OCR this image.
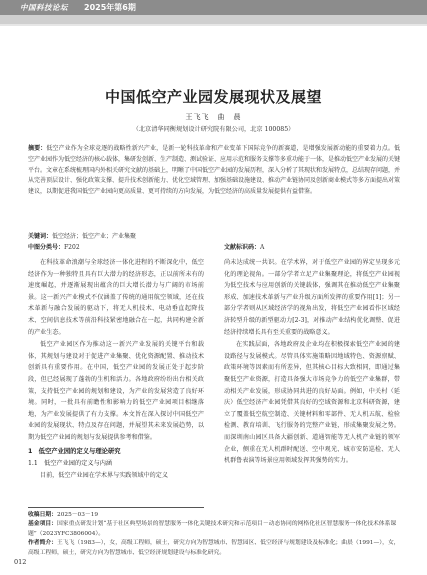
中国科技论坛 2025年第6期
中国低空产业园发展现状及展望
王飞飞　曲　晨
（北京清华同衡规划设计研究院有限公司，北京 100085）
摘要：低空产业作为全球竞逐的战略性新兴产业，是新一轮科技革命和产业变革下国际竞争的新赛道，是增强发展新动能的重要着力点。低空产业园作为低空经济的核心载体，集研发创新、生产制造、测试验证、应用示范和服务支撑等多重功能于一体，是推动低空产业发展的关键平台。文章在系统梳理国内外相关研究文献的基础上，明晰了中国低空产业园的发展历程，深入分析了其现状和发展特点，总结现存问题，并从完善顶层设计、强化政策支撑、提升技术创新能力、优化空域管理、加强基础设施建设、推动产业链协同及创新商业模式等多方面提出对策建议，以期促进我国低空产业园向更高质量、更可持续的方向发展，为低空经济的高质量发展提供有益借鉴。
关键词：低空经济；低空产业；产业集聚
中图分类号：F202	文献标识码：A

在科技革命浪潮与全球经济一体化进程的不断深化中，低空经济作为一种独特且具有巨大潜力的经济形态，正以前所未有的速度崛起，并逐渐展现出蕴含的巨大增长潜力与广阔的市场前景。这一新兴产业模式不仅涵盖了传统的通用航空领域，还在技术革新与融合发展的驱动下，将无人机技术、电动垂直起降技术、空间信息技术等前沿科技紧密地融合在一起，共同构建全新的产业生态。

低空产业园区作为推动这一新兴产业发展的关键平台和载体，其规划与建设对于促进产业集聚、优化资源配置、推动技术创新具有重要作用。在中国，低空产业园的发展正处于起步阶段，但已经展现了蓬勃的生机和活力。各地政府纷纷出台相关政策，支持低空产业园的规划和建设，为产业的发展营造了良好环境。同时，一批具有前瞻性和影响力的低空产业园项目相继落地，为产业发展提供了有力支撑。本文旨在深入探讨中国低空产业园的发展现状、特点及存在问题，并展望其未来发展趋势，以期为低空产业园的规划与发展提供参考和借鉴。

1　低空产业园的定义与理论研究
1.1　低空产业园的定义与内涵

目前，低空产业园在学术界与实践领域中的定义

尚未达成统一共识。在学术界，对于低空产业园的界定呈现多元化的理论视角。一部分学者立足产业集聚理论，将低空产业园视为低空技术与应用创新的关键载体，强调其在推动低空产业集聚形成、加速技术革新与产业升级方面所发挥的重要作用[1]；另一部分学者则从区域经济学的视角出发，将低空产业园看作区域经济转型升级的新型驱动力[2-3]，对推动产业结构优化调整、促进经济持续增长具有至关重要的战略意义。

在实践层面，各地政府及企业均在积极探索低空产业园的建设路径与发展模式。尽管具体实施策略因地域特色、资源禀赋、政策环境等因素而有所差异，但其核心目标大致相同，即通过集聚低空产业资源，打造具备强大市场竞争力的低空产业集群，带动相关产业发展，形成协同共进的良好局面。例如，中关村（延庆）低空经济产业园凭借其良好的空域资源和北京科研资源，建立了覆盖低空航空制造、关键材料和零部件、无人机五航、检验检测、教育培训、飞行服务的完整产业链，形成集聚发展之势。而深圳南山园区具备大疆创新、道通智能等无人机产业链的领军企业，侧重在无人机群时配送、空中观光、城市安防巡检、无人机群鲁表演等场景应用领域发挥其强势的实力。

收稿日期：2025－03－19
基金项目：国家重点研发计划“基于社区典型场景的智慧服务一体化关键技术研究和示范项目－动态协同的网格化社区智慧服务一体化技术体系课题”（2023YFC3806004）。
作者简介：王飞飞（1983—），女，高级工程师，硕士，研究方向为智慧城市、智慧园区、低空经济与规划建设及标准化；曲晨（1991—），女，高级工程师，硕士，研究方向为智慧城市、低空经济规划建设与标准化研究。
012
